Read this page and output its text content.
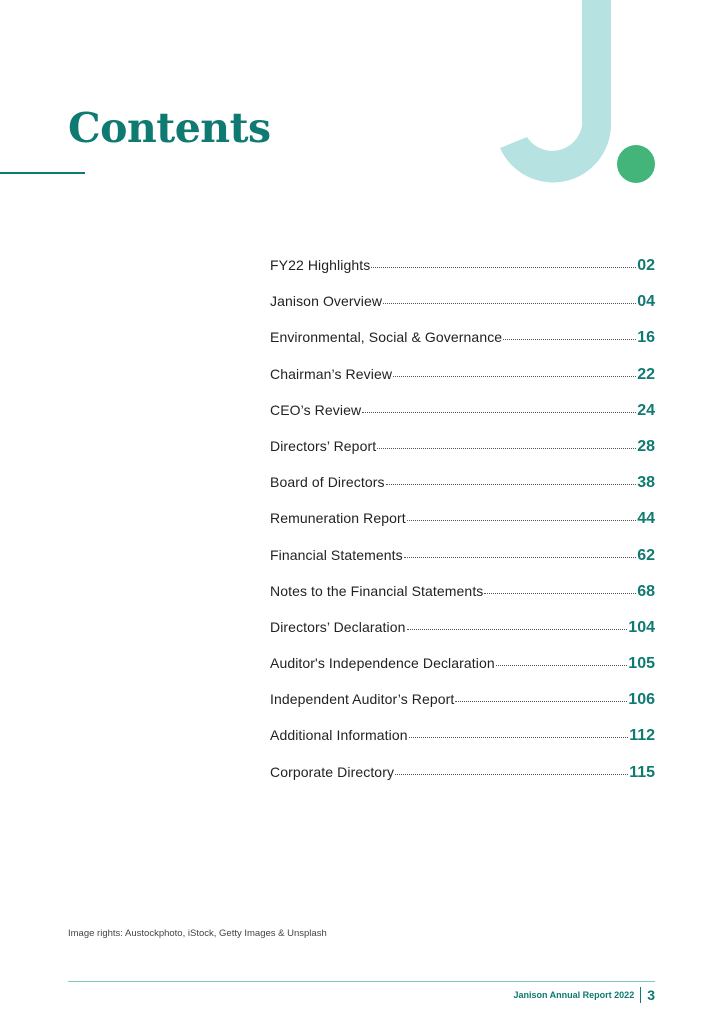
Contents
FY22 Highlights	02
Janison Overview	04
Environmental, Social & Governance	16
Chairman’s Review	22
CEO’s Review	24
Directors’ Report	28
Board of Directors	38
Remuneration Report	44
Financial Statements	62
Notes to the Financial Statements	68
Directors’ Declaration	104
Auditor's Independence Declaration	105
Independent Auditor’s Report	106
Additional Information	112
Corporate Directory	115
Image rights: Austockphoto, iStock, Getty Images & Unsplash
Janison Annual Report 2022 3
